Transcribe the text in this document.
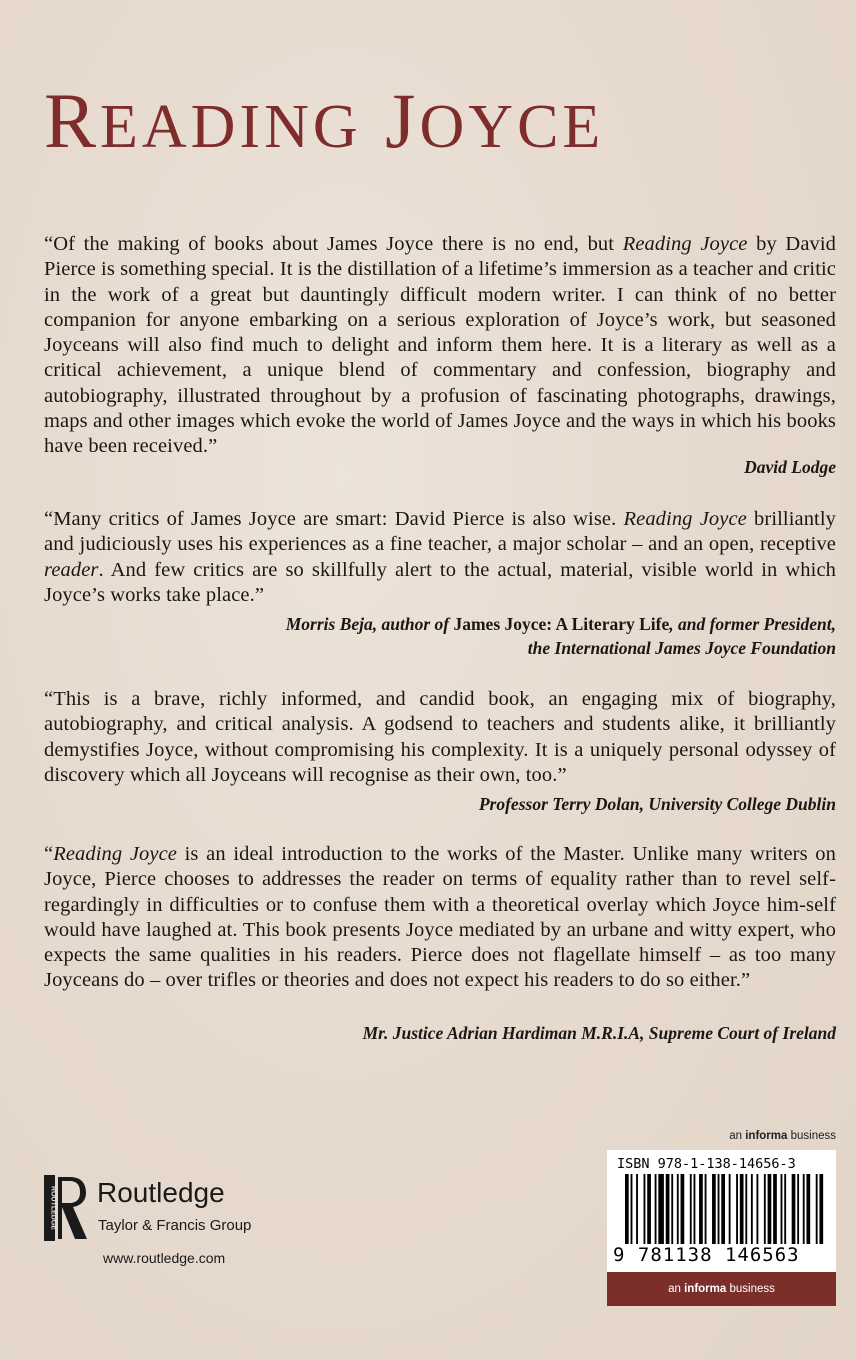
READING JOYCE
“Of the making of books about James Joyce there is no end, but Reading Joyce by David Pierce is something special. It is the distillation of a lifetime’s immersion as a teacher and critic in the work of a great but dauntingly difficult modern writer. I can think of no better companion for anyone embarking on a serious exploration of Joyce’s work, but seasoned Joyceans will also find much to delight and inform them here. It is a literary as well as a critical achievement, a unique blend of commentary and confession, biography and autobiography, illustrated throughout by a profusion of fascinating photographs, drawings, maps and other images which evoke the world of James Joyce and the ways in which his books have been received.”
David Lodge
“Many critics of James Joyce are smart: David Pierce is also wise. Reading Joyce brilliantly and judiciously uses his experiences as a fine teacher, a major scholar – and an open, receptive reader. And few critics are so skillfully alert to the actual, material, visible world in which Joyce’s works take place.”
Morris Beja, author of James Joyce: A Literary Life, and former President,
the International James Joyce Foundation
“This is a brave, richly informed, and candid book, an engaging mix of biography, autobiography, and critical analysis. A godsend to teachers and students alike, it brilliantly demystifies Joyce, without compromising his complexity. It is a uniquely personal odyssey of discovery which all Joyceans will recognise as their own, too.”
Professor Terry Dolan, University College Dublin
“Reading Joyce is an ideal introduction to the works of the Master. Unlike many writers on Joyce, Pierce chooses to addresses the reader on terms of equality rather than to revel self-regardingly in difficulties or to confuse them with a theoretical overlay which Joyce him-self would have laughed at. This book presents Joyce mediated by an urbane and witty expert, who expects the same qualities in his readers. Pierce does not flagellate himself – as too many Joyceans do – over trifles or theories and does not expect his readers to do so either.”
Mr. Justice Adrian Hardiman M.R.I.A, Supreme Court of Ireland
an informa business
ROUTLEDGE Routledge
Taylor & Francis Group
www.routledge.com
ISBN 978-1-138-14656-3
9 781138 146563
an informa business
